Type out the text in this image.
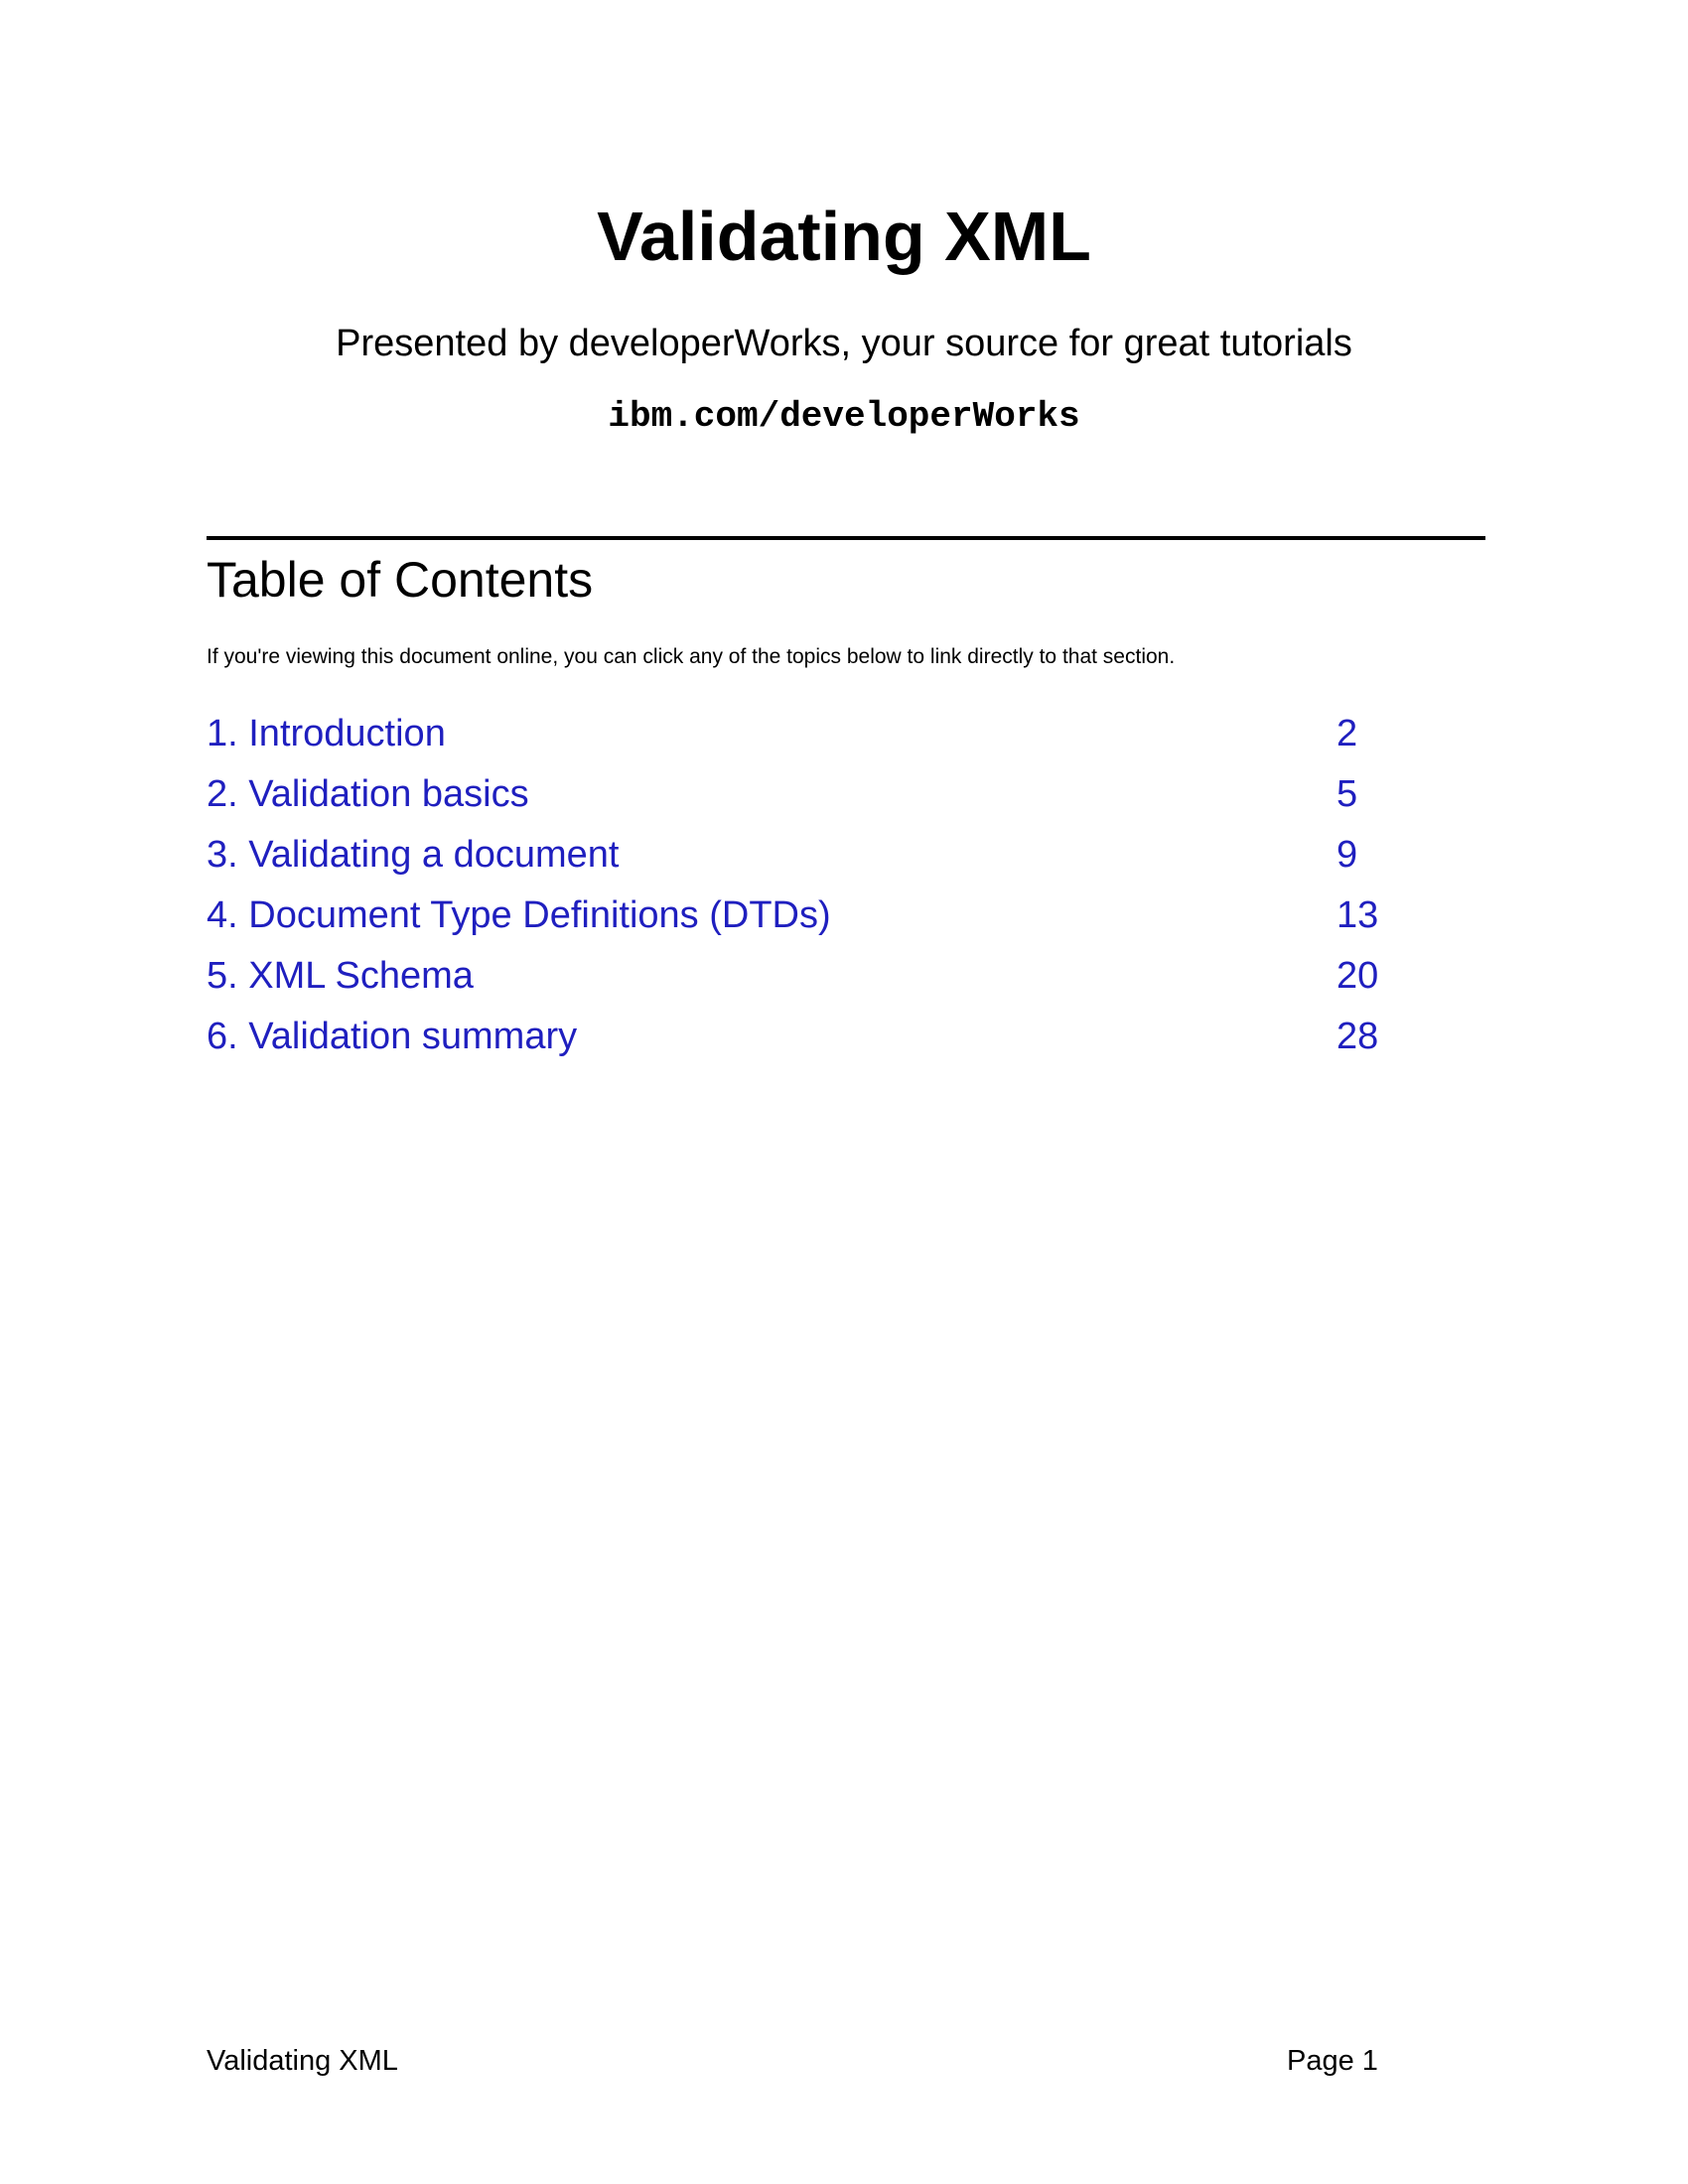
Validating XML
Presented by developerWorks, your source for great tutorials
ibm.com/developerWorks
Table of Contents
If you're viewing this document online, you can click any of the topics below to link directly to that section.
1. Introduction	2
2. Validation basics	5
3. Validating a document	9
4. Document Type Definitions (DTDs)	13
5. XML Schema	20
6. Validation summary	28
Validating XML	Page 1
